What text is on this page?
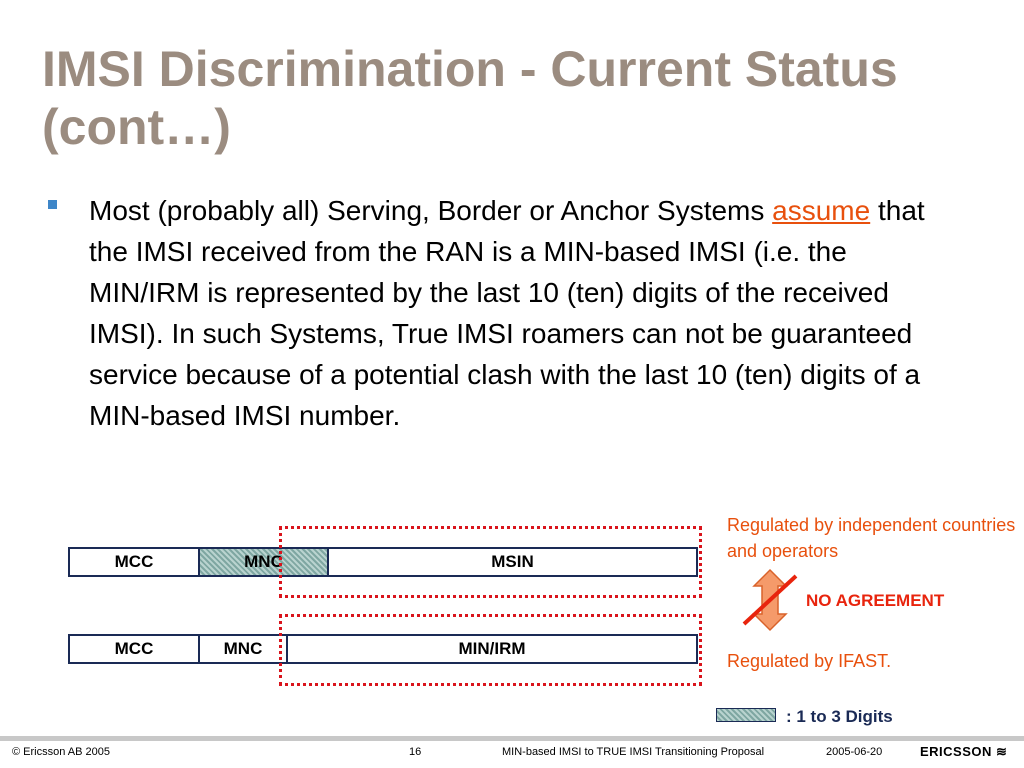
IMSI Discrimination - Current Status (cont…)
Most (probably all) Serving, Border or Anchor Systems assume that the IMSI received from the RAN is a MIN-based IMSI (i.e. the MIN/IRM is represented by the last 10 (ten) digits of the received IMSI). In such Systems, True IMSI roamers can not be guaranteed service because of a potential clash with the last 10 (ten) digits of a MIN-based IMSI number.
MCC	MNC	MSIN
MCC	MNC	MIN/IRM
Regulated by independent countries and operators
Regulated by IFAST.
NO AGREEMENT
: 1 to 3 Digits
© Ericsson AB 2005	16	MIN-based IMSI to TRUE IMSI Transitioning Proposal	2005-06-20	ERICSSON ≋
